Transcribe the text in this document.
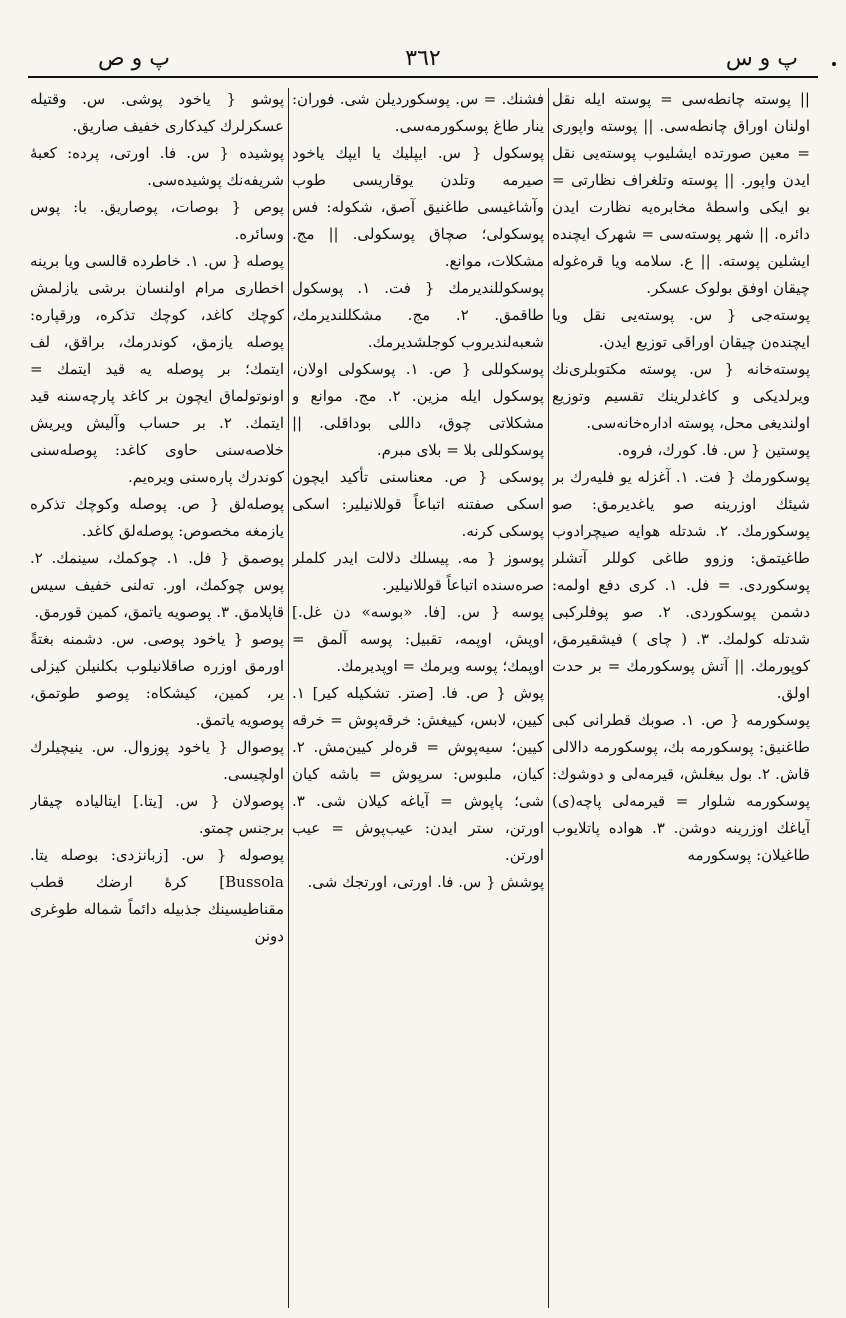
پ و س
٣٦٢
پ و ص

|| پوسته چانطه‌سی = پوسته ایله نقل اولنان اوراق چانطه‌سی. || پوسته واپوری = معین صورتده ایشلیوب پوسته‌یی نقل ایدن واپور. || پوسته وتلغراف نظارتی = بو ایکی واسطهٔ مخابره‌یه نظارت ایدن دائره. || شهر پوسته‌سی = شهرک ایچنده ایشلین پوسته. || ع. سلامه ویا قره‌غوله چیقان اوفق بولوک عسکر.

پوسته‌جی { س. پوسته‌یی نقل ویا ایچنده‌ن چیقان اوراقی توزیع ایدن.

پوسته‌خانه { س. پوسته مکتوبلری‌نك ویرلدیکی و کاغدلرینك تقسیم وتوزیع اولندیغی محل، پوسته اداره‌خانه‌سی.

پوستین { س. فا. کورك، فروه.

پوسکورمك { فت. ١. آغزله یو فلیه‌رك بر شیئك اوزرینه صو یاغدیرمق: صو پوسکورمك. ٢. شدتله هوایه صیچرادوب طاغیتمق: وزوو طاغی کوللر آتشلر پوسکوردی. = فل. ١. کری دفع اولمه: دشمن پوسکوردی. ٢. صو پوفلرکبی شدتله کولمك. ٣. ( چای ) فیشقیرمق، کوپورمك. || آتش پوسکورمك = بر حدت اولق.

پوسکورمه { ص. ١. صوبك قطرانی کبی طاغنیق: پوسکورمه بك، پوسکورمه دالالی قاش. ٢. بول بیغلش، قیرمه‌لی و دوشوك: پوسکورمه شلوار = قیرمه‌لی پاچه‌(ی) آیاغك اوزرینه دوشن. ٣. هواده پاتلایوب طاغیلان: پوسکورمه

فشنك. = س. پوسکوردیلن شی. فوران: ینار طاغ پوسکورمه‌سی.

پوسکول { س. ایپلیك یا ایپك یاخود صیرمه وتلدن یوقاریسی طوب وآشاغیسی طاغنیق آصق، شکوله: فس پوسکولی؛ صچاق پوسکولی. || مج. مشکلات، موانع.

پوسکوللندیرمك { فت. ١. پوسکول طاقمق. ٢. مج. مشکللندیرمك، شعبه‌لندیروب کوجلشدیرمك.

پوسکوللی { ص. ١. پوسکولی اولان، پوسکول ایله مزین. ٢. مج. موانع و مشکلاتی چوق، داللی بوداقلی. || پوسکوللی بلا = بلای مبرم.

پوسکی { ص. معناسنی تأکید ایچون اسکی صفتنه اتباعاً قوللانیلیر: اسکی پوسکی کرنه.

پوسوز { مه. پیسلك دلالت ایدر کلملر صره‌سنده اتباعاً قوللانیلیر.

پوسه { س. [فا. «بوسه» دن غل.] اوپش، اوپمه، تقبیل: پوسه آلمق = اوپمك؛ پوسه ویرمك = اوپدیرمك.

پوش { ص. فا. [صتر. تشکیله کیر] ١. کیین، لابس، کییغش: خرقه‌پوش = خرقه کیین؛ سیه‌پوش = قره‌لر کیین‌مش. ٢. کیان، ملبوس: سرپوش = باشه کیان شی؛ پاپوش = آیاغه کیلان شی. ٣. اورتن، ستر ایدن: عیب‌پوش = عیب اورتن.

پوشش { س. فا. اورتی، اورتجك شی.

پوشو { یاخود پوشی. س. وقتیله عسکرلرك کیدکاری خفیف صاریق.

پوشیده { س. فا. اورتی، پرده: کعبهٔ شریفه‌نك پوشیده‌سی.

پوص { بوصات، پوصاریق. با: پوس وسائره.

پوصله { س. ١. خاطرده قالسی ویا برینه اخطاری مرام اولنسان برشی یازلمش کوچك کاغد، کوچك تذکره، ورقپاره: پوصله یازمق، کوندرمك، براقق، لف ایتمك؛ بر پوصله یه قید ایتمك = اونوتولماق ایچون بر کاغد پارچه‌سنه قید ایتمك. ٢. بر حساب وآلیش ویریش خلاصه‌سنی حاوی کاغد: پوصله‌سنی کوندرك پاره‌سنی ویره‌یم.

پوصله‌لق { ص. پوصله وکوچك تذکره یازمغه مخصوص: پوصله‌لق کاغد.

پوصمق { فل. ١. چوکمك، سینمك. ٢. پوس چوکمك، اور. ته‌لنی خفیف سیس قاپلامق. ٣. پوصویه یاتمق، کمین قورمق.

پوصو { یاخود پوصی. س. دشمنه بغتةً اورمق اوزره صاقلانیلوب بکلنیلن کیزلی یر، کمین، کیشکاه: پوصو طوتمق، پوصویه یاتمق.

پوصوال { یاخود پوزوال. س. ینیچیلرك اولچیسی.

پوصولان { س. [یتا.] ایتالیاده چیقار برجنس چمتو.

پوصوله { س. [زبانزدی: بوصله یتا. Bussola] کرهٔ ارضك قطب مقناطیسینك جذبیله دائماً شماله طوغری دونن
